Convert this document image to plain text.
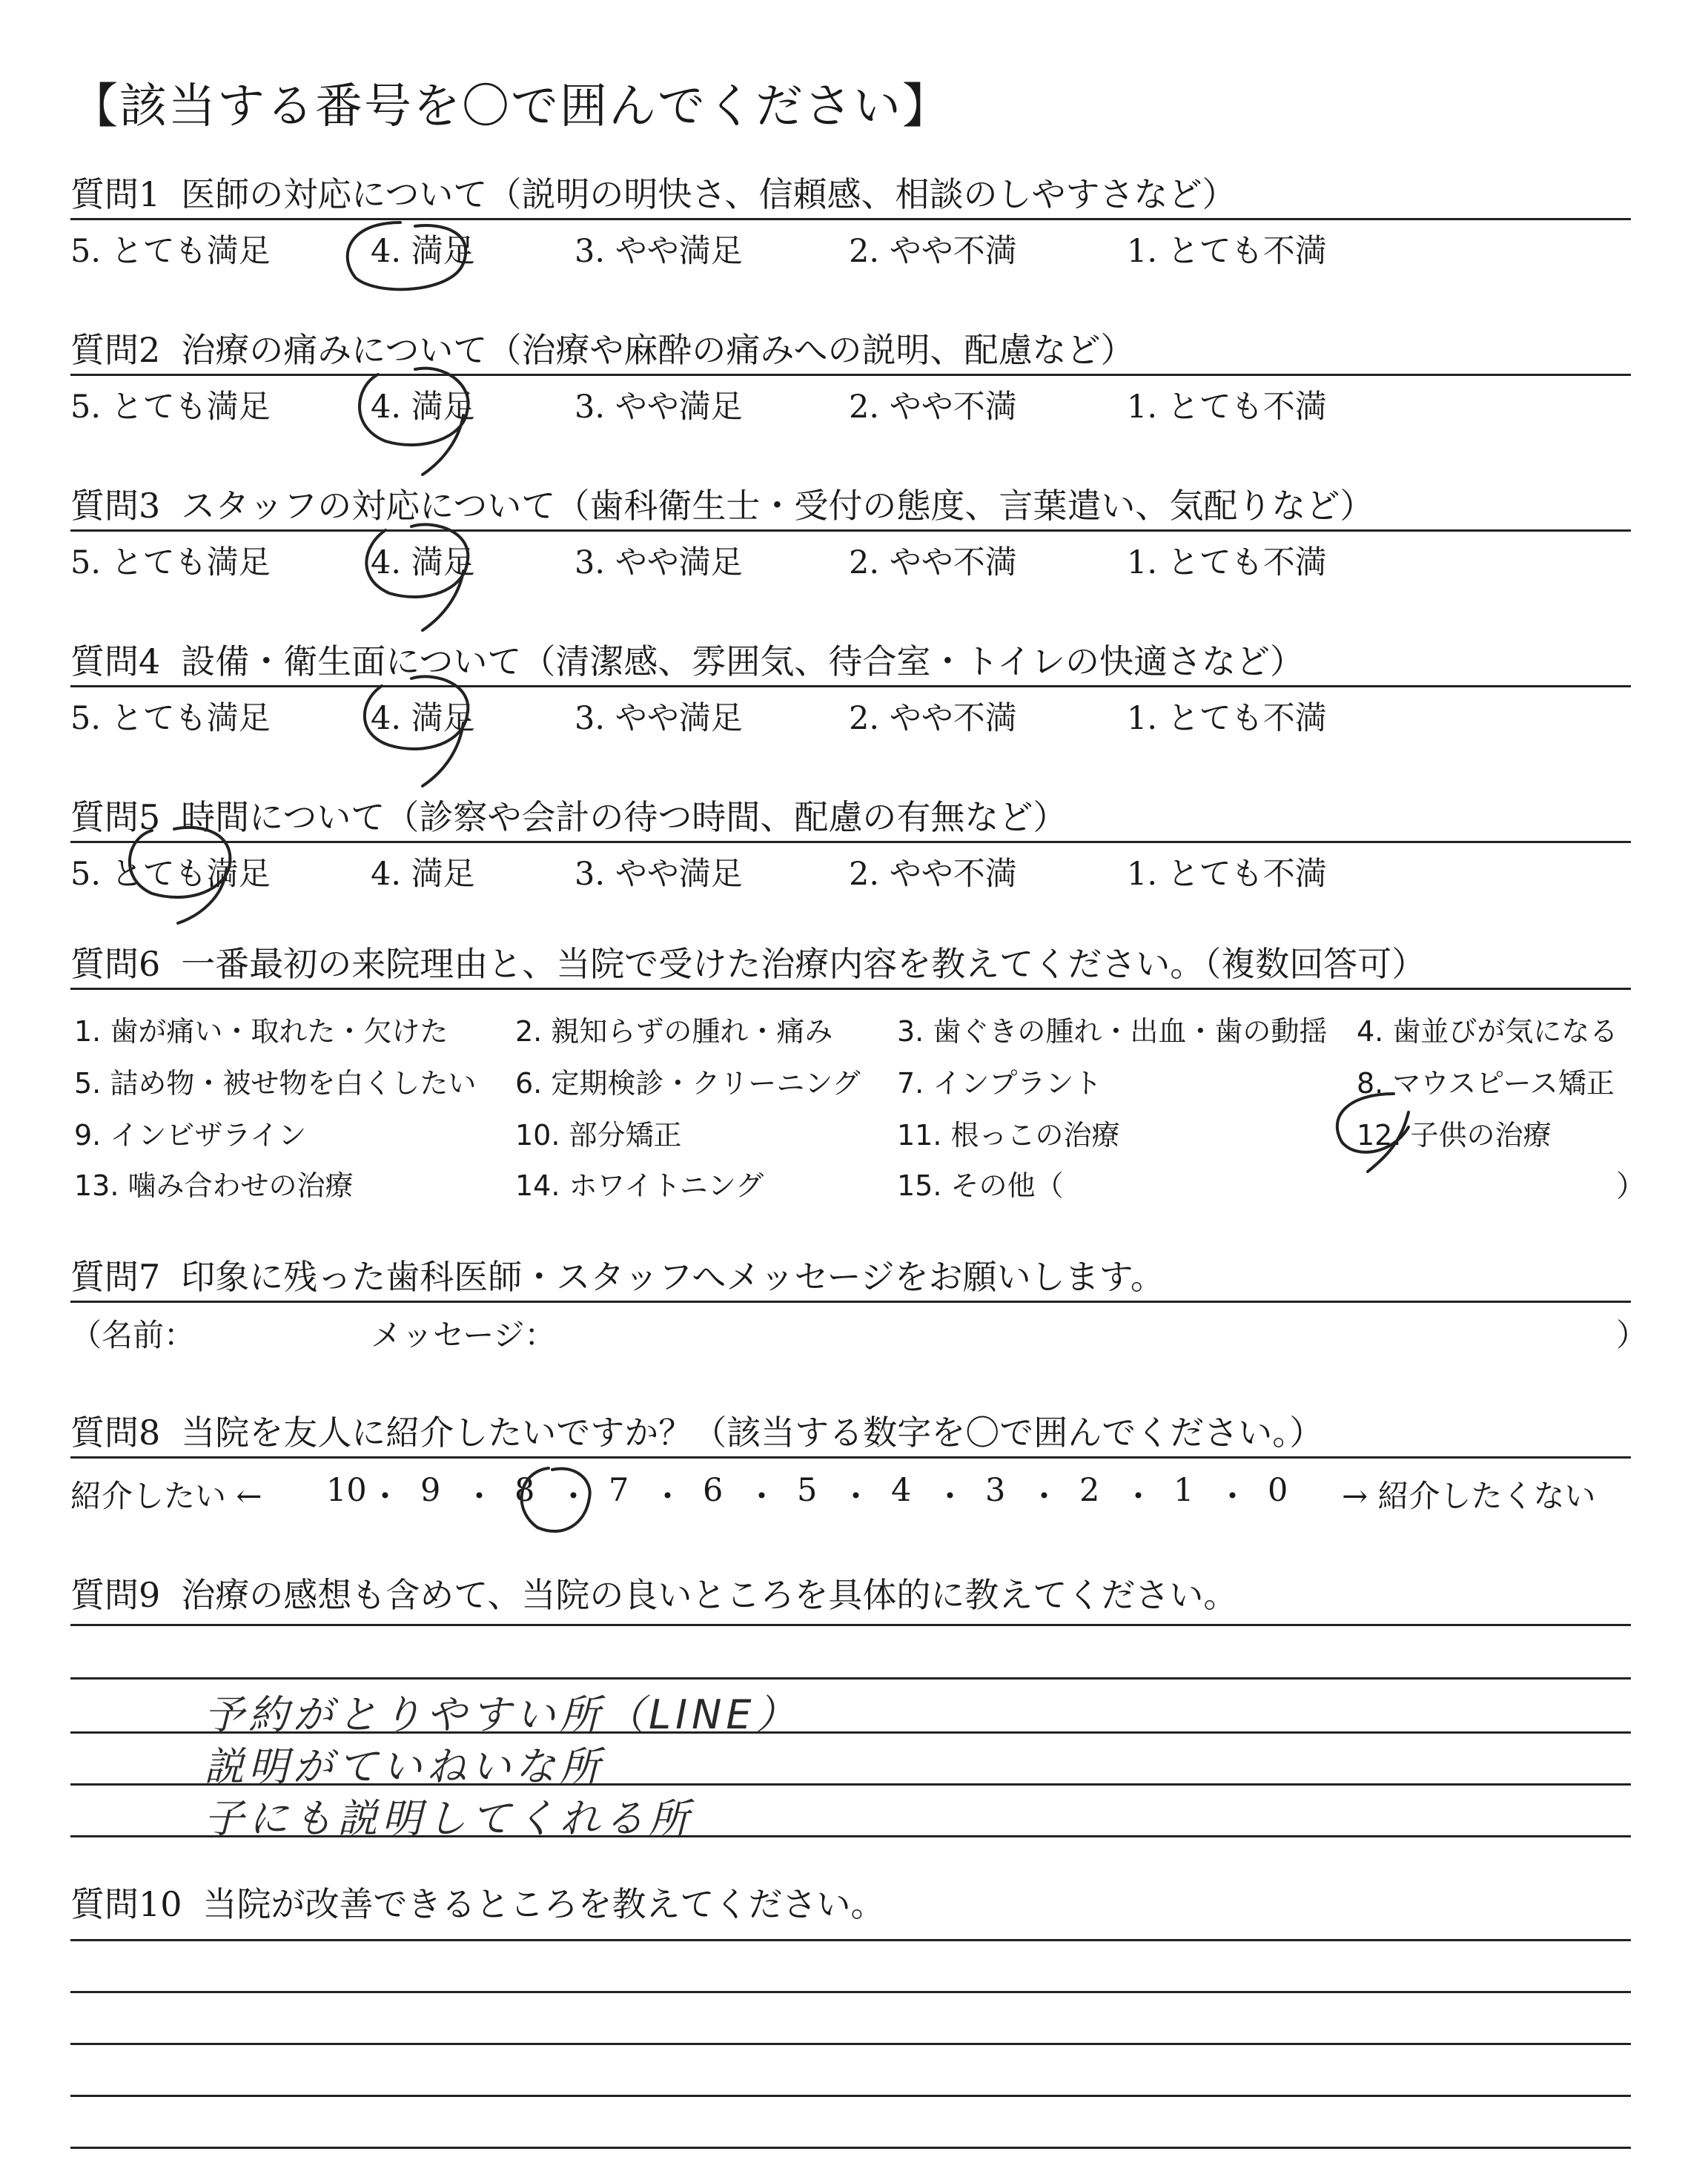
【該当する番号を〇で囲んでください】
質問1 医師の対応について（説明の明快さ、信頼感、相談のしやすさなど）
5. とても満足	4. 満足	3. やや満足	2. やや不満	1. とても不満
質問2 治療の痛みについて（治療や麻酔の痛みへの説明、配慮など）
5. とても満足	4. 満足	3. やや満足	2. やや不満	1. とても不満
質問3 スタッフの対応について（歯科衛生士・受付の態度、言葉遣い、気配りなど）
5. とても満足	4. 満足	3. やや満足	2. やや不満	1. とても不満
質問4 設備・衛生面について（清潔感、雰囲気、待合室・トイレの快適さなど）
5. とても満足	4. 満足	3. やや満足	2. やや不満	1. とても不満
質問5 時間について（診察や会計の待つ時間、配慮の有無など）
5. とても満足	4. 満足	3. やや満足	2. やや不満	1. とても不満
質問6 一番最初の来院理由と、当院で受けた治療内容を教えてください。（複数回答可）
1. 歯が痛い・取れた・欠けた 2. 親知らずの腫れ・痛み 3. 歯ぐきの腫れ・出血・歯の動揺 4. 歯並びが気になる
5. 詰め物・被せ物を白くしたい 6. 定期検診・クリーニング 7. インプラント	8. マウスピース矯正
9. インビザライン	10. 部分矯正	11. 根っこの治療	12. 子供の治療
13. 噛み合わせの治療	14. ホワイトニング	15. その他（	）
質問7 印象に残った歯科医師・スタッフへメッセージをお願いします。
（名前：	メッセージ：	）
質問8 当院を友人に紹介したいですか？（該当する数字を〇で囲んでください。）
紹介したい ← 10 ・ 9 ・ 8 ・ 7 ・ 6 ・ 5 ・ 4 ・ 3 ・ 2 ・ 1 ・ 0 → 紹介したくない
質問9 治療の感想も含めて、当院の良いところを具体的に教えてください。
予約がとりやすい所（LINE）
説明がていねいな所
子にも説明してくれる所
質問10 当院が改善できるところを教えてください。
